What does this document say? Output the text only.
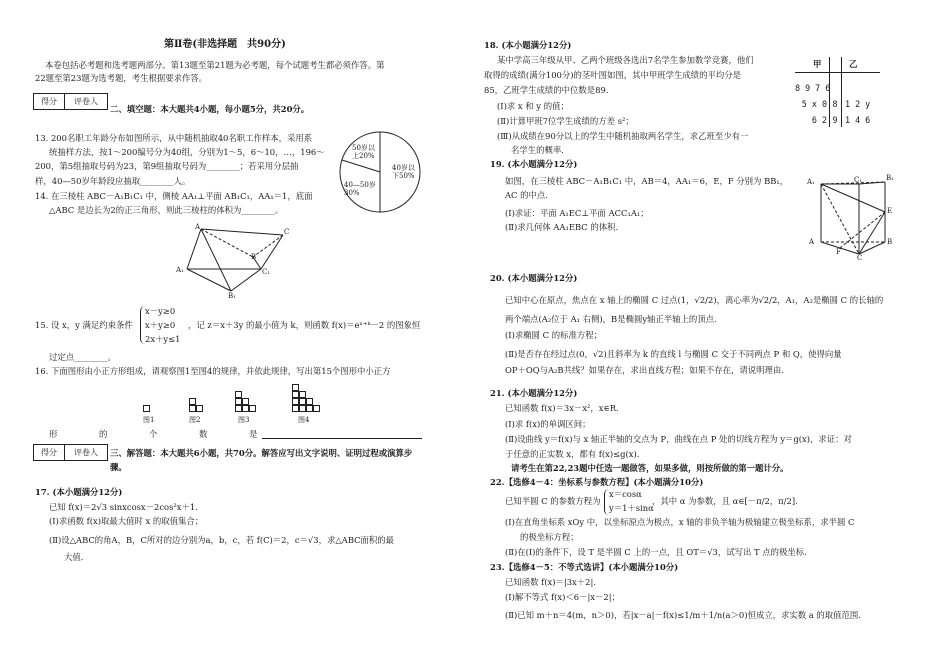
第Ⅱ卷(非选择题　共90分)
本卷包括必考题和选考题两部分。第13题至第21题为必考题，每个试题考生都必须作答。第
22题至第23题为选考题，考生根据要求作答。
得分	评卷人
二、填空题：本大题共4小题，每小题5分，共20分。
13. 200名职工年龄分布如图所示，从中随机抽取40名职工作样本，采用系
统抽样方法，按1～200编号分为40组，分别为1～5，6～10，…，196～
200，第5组抽取号码为23，第9组抽取号码为________；若采用分层抽
样，40—50岁年龄段应抽取________人。
50岁以上20%
40岁以下50%
40—50岁30%
14. 在三棱柱 ABC－A₁B₁C₁ 中，侧棱 AA₁⊥平面 AB₁C₁，AA₁＝1，底面
△ABC 是边长为2的正三角形，则此三棱柱的体积为________。
A
C
B
A₁	C₁
B₁
15. 设 x，y 满足约束条件
x－y≥0
x＋y≥0
2x＋y≤1
，记 z＝x＋3y 的最小值为 k，则函数 f(x)＝eˣ⁺ᵏ－2 的图象恒
过定点________。
16. 下面图形由小正方形组成，请观察图1至图4的规律，并依此规律，写出第15个图形中小正方
图1	图2	图3	图4
形	的	个	数	是
得分	评卷人	三、解答题：本大题共6小题，共70分。解答应写出文字说明、证明过程或演算步
骤。
17. (本小题满分12分)
已知 f(x)＝2√3 sinxcosx－2cos²x＋1.
(Ⅰ)求函数 f(x)取最大值时 x 的取值集合；
(Ⅱ)设△ABC的角A，B，C所对的边分别为a，b，c，若 f(C)＝2，c＝√3，求△ABC面积的最
大值.
18. (本小题满分12分)
某中学高三年级从甲、乙两个班级各选出7名学生参加数学竞赛，他们
取得的成绩(满分100分)的茎叶图如图，其中甲班学生成绩的平均分是
85，乙班学生成绩的中位数是89.
(Ⅰ)求 x 和 y 的值；
(Ⅱ)计算甲班7位学生成绩的方差 s²；
(Ⅲ)从成绩在90分以上的学生中随机抽取两名学生，求乙班至少有一
名学生的概率.
甲	乙
8 9 7 6
5 x 0 8 1 2 y
6 2 9 1 4 6
19. (本小题满分12分)
如图，在三棱柱 ABC－A₁B₁C₁ 中，AB＝4，AA₁＝6，E，F 分别为 BB₁，
AC 的中点.
(Ⅰ)求证：平面 A₁EC⊥平面 ACC₁A₁；
(Ⅱ)求几何体 AA₁EBC 的体积.
A₁	C₁	B₁
E
A
F
C
B
20. (本小题满分12分)
已知中心在原点，焦点在 x 轴上的椭圆 C 过点(1，√2/2)，离心率为√2/2，A₁，A₂是椭圆 C 的长轴的
两个端点(A₂位于 A₁ 右侧)，B是椭圆y轴正半轴上的顶点.
(Ⅰ)求椭圆 C 的标准方程；
(Ⅱ)是否存在经过点(0，√2)且斜率为 k 的直线 l 与椭圆 C 交于不同两点 P 和 Q，使得向量
OP＋OQ与A₂B共线？如果存在，求出直线方程；如果不存在，请说明理由.
21. (本小题满分12分)
已知函数 f(x)＝3x－x²，x∈R.
(Ⅰ)求 f(x)的单调区间；
(Ⅱ)设曲线 y＝f(x)与 x 轴正半轴的交点为 P，曲线在点 P 处的切线方程为 y＝g(x)，求证：对
于任意的正实数 x，都有 f(x)≤g(x).
请考生在第22,23题中任选一题做答，如果多做，则按所做的第一题计分。
22.【选修4－4：坐标系与参数方程】(本小题满分10分)
已知半圆 C 的参数方程为
x＝cosα
y＝1＋sinα
，其中 α 为参数，且 α∈[－π/2，π/2].
(Ⅰ)在直角坐标系 xOy 中，以坐标原点为极点，x 轴的非负半轴为极轴建立极坐标系，求半圆 C
的极坐标方程；
(Ⅱ)在(Ⅰ)的条件下，设 T 是半圆 C 上的一点，且 OT＝√3，试写出 T 点的极坐标.
23.【选修4－5：不等式选讲】(本小题满分10分)
已知函数 f(x)＝|3x＋2|.
(Ⅰ)解不等式 f(x)＜6－|x－2|；
(Ⅱ)已知 m＋n＝4(m，n＞0)，若|x－a|－f(x)≤1/m＋1/n(a＞0)恒成立，求实数 a 的取值范围.
